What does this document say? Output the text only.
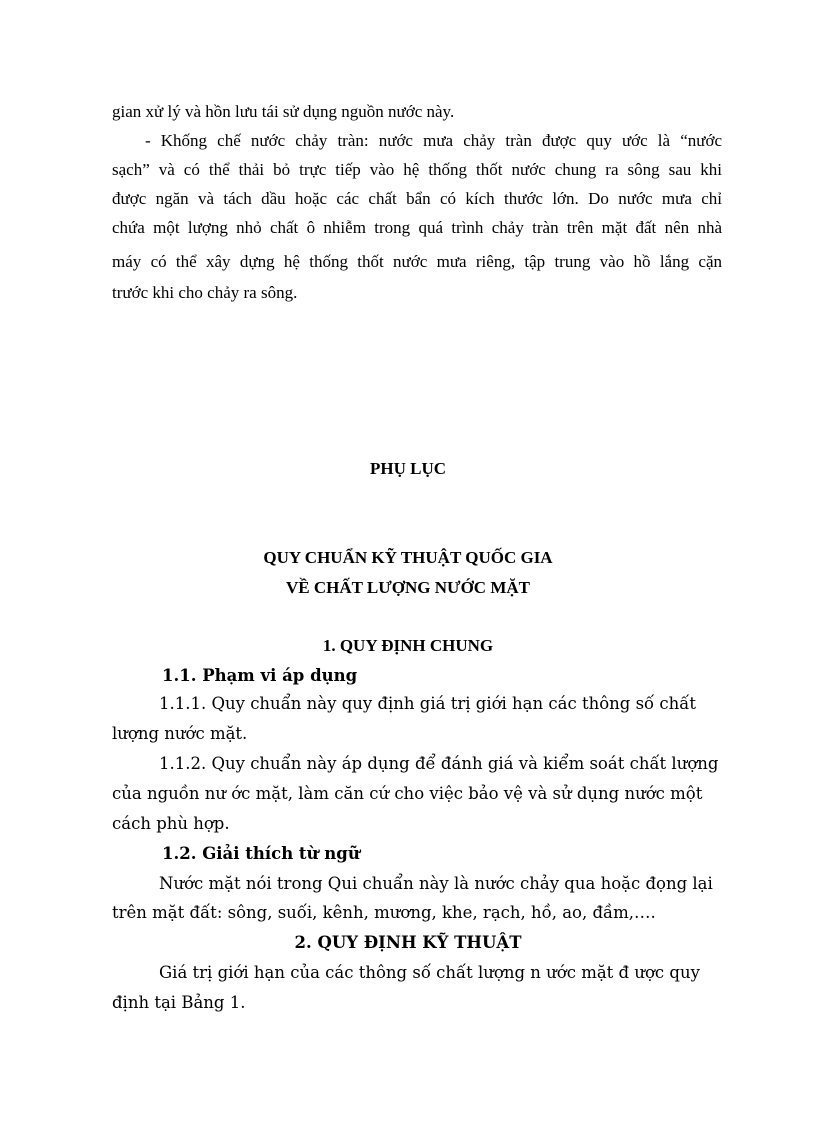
gian xử lý và hồn lưu tái sử dụng nguồn nước này.
- Khống chế nước chảy tràn: nước mưa chảy tràn được quy ước là “nước
sạch” và có thể thải bỏ trực tiếp vào hệ thống thốt nước chung ra sông sau khi
được ngăn và tách dầu hoặc các chất bẩn có kích thước lớn. Do nước mưa chỉ
chứa một lượng nhỏ chất ô nhiễm trong quá trình chảy tràn trên mặt đất nên nhà
máy có thể xây dựng hệ thống thốt nước mưa riêng, tập trung vào hồ lắng cặn
trước khi cho chảy ra sông.
PHỤ LỤC
QUY CHUẨN KỸ THUẬT QUỐC GIA
VỀ CHẤT LƯỢNG NƯỚC MẶT
1. QUY ĐỊNH CHUNG
1.1. Phạm vi áp dụng
1.1.1. Quy chuẩn này quy định giá trị giới hạn các thông số chất
lượng nước mặt.
1.1.2. Quy chuẩn này áp dụng để đánh giá và kiểm soát chất lượng
của nguồn nư ớc mặt, làm căn cứ cho việc bảo vệ và sử dụng nước một
cách phù hợp.
1.2. Giải thích từ ngữ
Nước mặt nói trong Qui chuẩn này là nước chảy qua hoặc đọng lại
trên mặt đất: sông, suối, kênh, mương, khe, rạch, hồ, ao, đầm,….
Giá trị giới hạn của các thông số chất lượng n ước mặt đ ược quy
định tại Bảng 1.
2. QUY ĐỊNH KỸ THUẬT
